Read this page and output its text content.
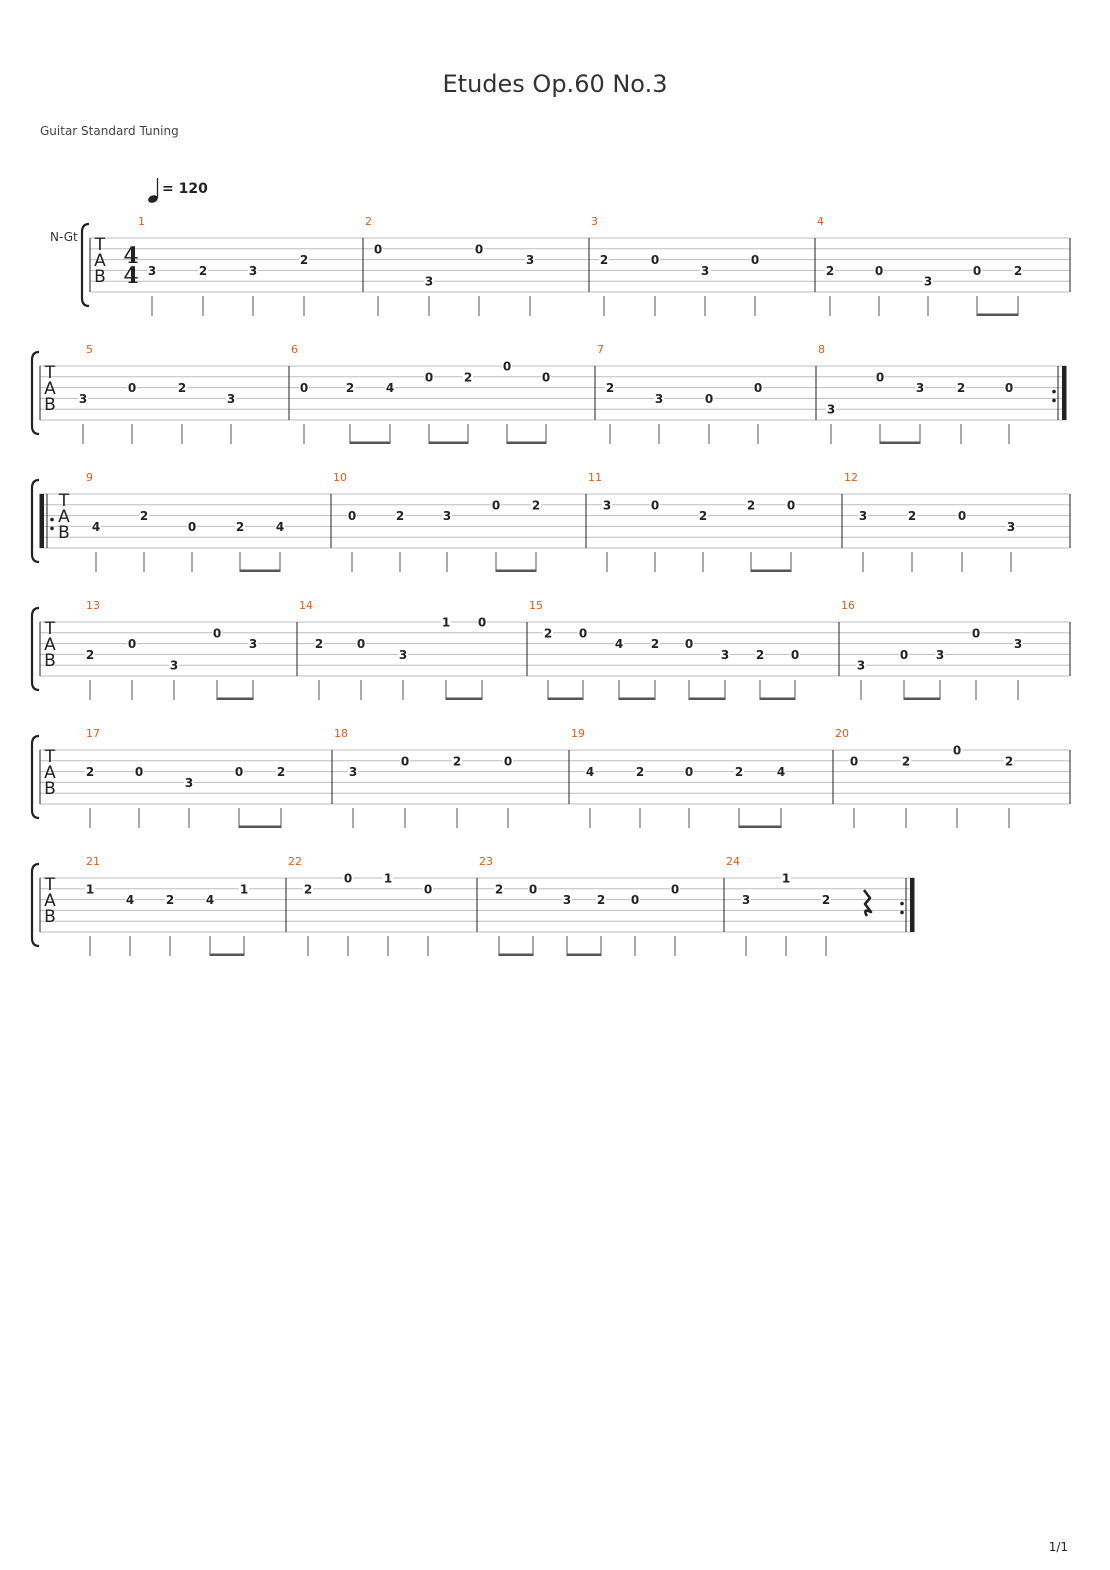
Etudes Op.60 No.3
Guitar Standard Tuning
T
A
B
N-Gt
4
4
= 120
1
3	2	3
2
2
0
3
0
3
3
2	0
3
0
4
2	0
3
0	2
T
A
B
5
3
0	2
3
6
0	2	4
0	2
0
0
7
2
3	0
0
8
3
0
3	2	0
T
A
B
9
4
2
0	2	4
10
0	2	3
0	2
11
3	0
2
2	0
12
3	2	0
3
T
A
B
13
2
0
3
0
3
14
2	0
3
1 0
15
2 0
4 2 0
3 2 0
16
3
0 3
0
3
T
A
B
17
2	0
3
0	2
18
3
0	2	0
19
4	2	0	2	4
20
0	2
0
2
T
A
B
21
1
4	2	4
1
22
2
0	1
0
23
2 0
3 2 0
0
24
3
1
2
1/1
